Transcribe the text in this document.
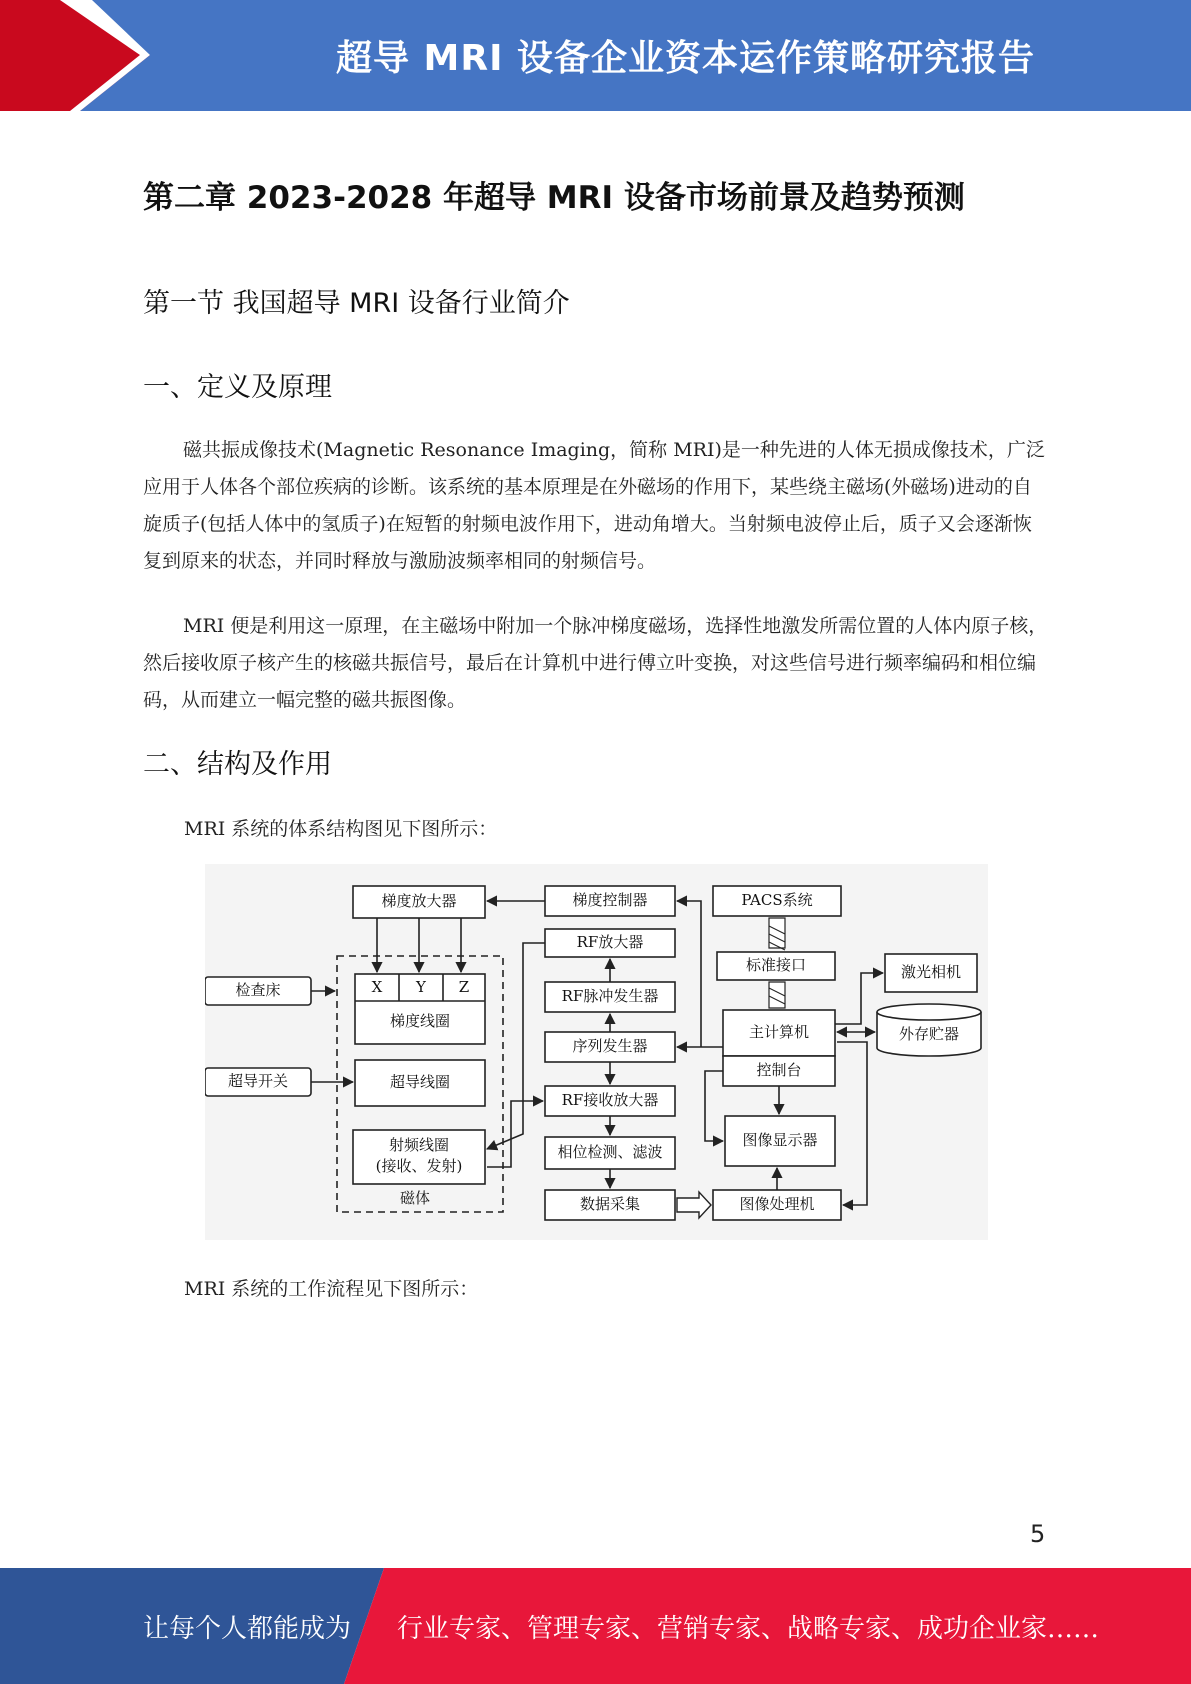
超导 MRI 设备企业资本运作策略研究报告
第二章 2023-2028 年超导 MRI 设备市场前景及趋势预测
第一节 我国超导 MRI 设备行业简介
一、定义及原理

磁共振成像技术(Magnetic Resonance Imaging，简称 MRI)是一种先进的人体无损成像技术，广泛应用于人体各个部位疾病的诊断。该系统的基本原理是在外磁场的作用下，某些绕主磁场(外磁场)进动的自旋质子(包括人体中的氢质子)在短暂的射频电波作用下，进动角增大。当射频电波停止后，质子又会逐渐恢复到原来的状态，并同时释放与激励波频率相同的射频信号。

MRI 便是利用这一原理，在主磁场中附加一个脉冲梯度磁场，选择性地激发所需位置的人体内原子核，然后接收原子核产生的核磁共振信号，最后在计算机中进行傅立叶变换，对这些信号进行频率编码和相位编码，从而建立一幅完整的磁共振图像。

二、结构及作用
MRI 系统的体系结构图见下图所示：
磁体
梯度放大器
X Y Z
梯度线圈
超导线圈
射频线圈
(接收、发射)
检查床
超导开关
梯度控制器
RF放大器
RF脉冲发生器
序列发生器
RF接收放大器
相位检测、滤波
数据采集
PACS系统
标准接口
主计算机
控制台
图像显示器
图像处理机
激光相机
外存贮器
MRI 系统的工作流程见下图所示：
5
让每个人都能成为 行业专家、管理专家、营销专家、战略专家、成功企业家……
